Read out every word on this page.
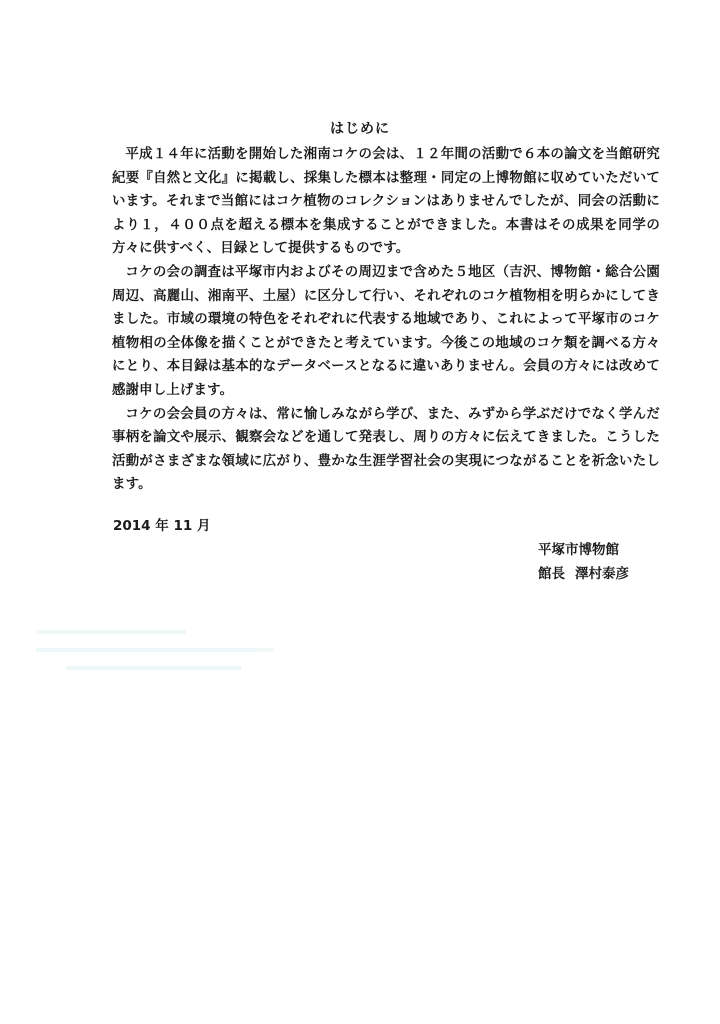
はじめに

平成１４年に活動を開始した湘南コケの会は、１２年間の活動で６本の論文を当館研究紀要『自然と文化』に掲載し、採集した標本は整理・同定の上博物館に収めていただいています。それまで当館にはコケ植物のコレクションはありませんでしたが、同会の活動により１，４００点を超える標本を集成することができました。本書はその成果を同学の方々に供すべく、目録として提供するものです。

コケの会の調査は平塚市内およびその周辺まで含めた５地区（吉沢、博物館・総合公園周辺、高麗山、湘南平、土屋）に区分して行い、それぞれのコケ植物相を明らかにしてきました。市域の環境の特色をそれぞれに代表する地域であり、これによって平塚市のコケ植物相の全体像を描くことができたと考えています。今後この地域のコケ類を調べる方々にとり、本目録は基本的なデータベースとなるに違いありません。会員の方々には改めて感謝申し上げます。

コケの会会員の方々は、常に愉しみながら学び、また、みずから学ぶだけでなく学んだ事柄を論文や展示、観察会などを通して発表し、周りの方々に伝えてきました。こうした活動がさまざまな領域に広がり、豊かな生涯学習社会の実現につながることを祈念いたします。

2014 年 11 月

平塚市博物館
館長 澤村泰彦
